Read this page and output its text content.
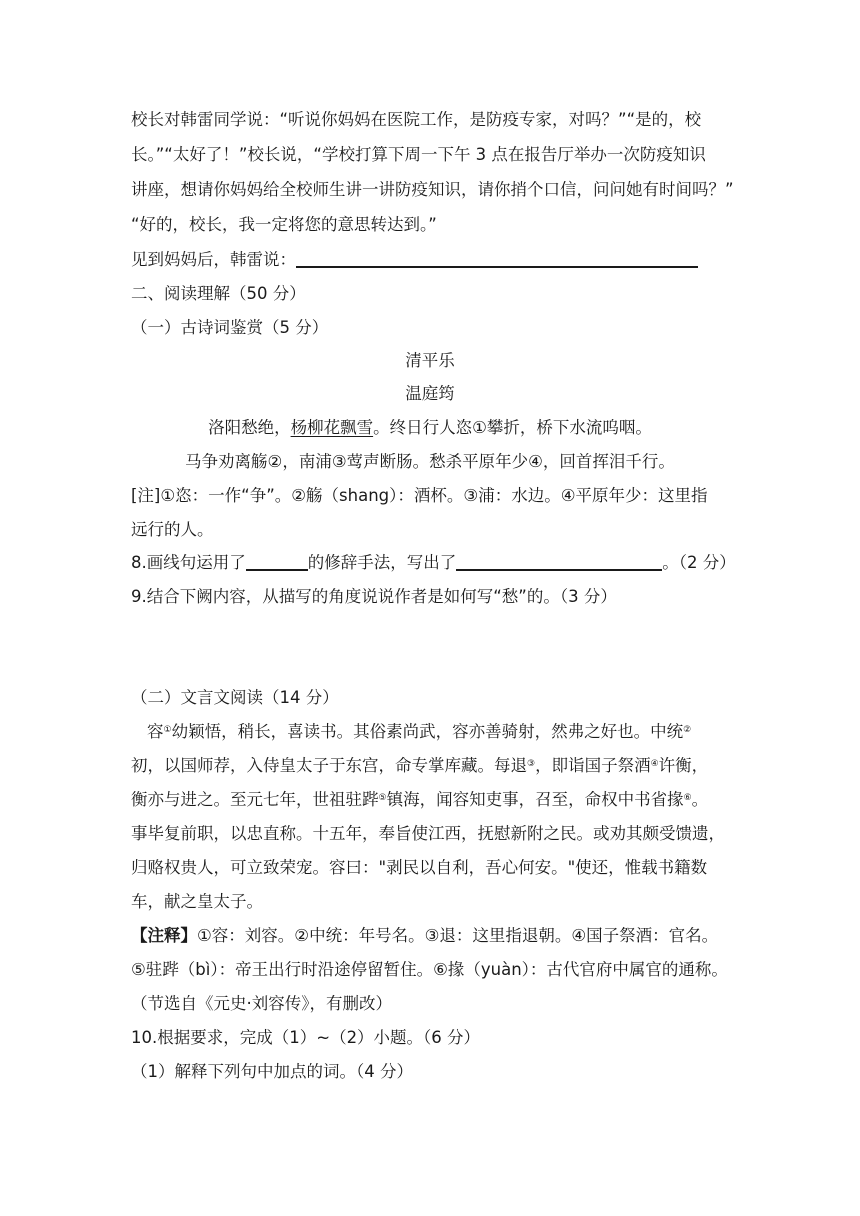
校长对韩雷同学说：“听说你妈妈在医院工作，是防疫专家，对吗？”“是的，校
长。”“太好了！”校长说，“学校打算下周一下午 3 点在报告厅举办一次防疫知识
讲座，想请你妈妈给全校师生讲一讲防疫知识，请你捎个口信，问问她有时间吗？”
“好的，校长，我一定将您的意思转达到。”
见到妈妈后，韩雷说：
二、阅读理解（50 分）
（一）古诗词鉴赏（5 分）
清平乐
温庭筠
洛阳愁绝，杨柳花飘雪。终日行人恣①攀折，桥下水流呜咽。
马争劝离觞②，南浦③莺声断肠。愁杀平原年少④，回首挥泪千行。
[注]①恣：一作“争”。②觞（shang）：酒杯。③浦：水边。④平原年少：这里指
远行的人。
8.画线句运用了	的修辞手法，写出了	。（2 分）
9.结合下阙内容，从描写的角度说说作者是如何写“愁”的。（3 分）
（二）文言文阅读（14 分）
容①幼颖悟，稍长，喜读书。其俗素尚武，容亦善骑射，然弗之好也。中统②
初，以国师荐，入侍皇太子于东宫，命专掌库藏。每退③，即诣国子祭酒④许衡，
衡亦与进之。至元七年，世祖驻跸⑤镇海，闻容知吏事，召至，命权中书省掾⑥。
事毕复前职，以忠直称。十五年，奉旨使江西，抚慰新附之民。或劝其颇受馈遗，
归赂权贵人，可立致荣宠。容曰："剥民以自利，吾心何安。"使还，惟载书籍数
车，献之皇太子。
【注释】①容：刘容。②中统：年号名。③退：这里指退朝。④国子祭酒：官名。
⑤驻跸（bì）：帝王出行时沿途停留暂住。⑥掾（yuàn）：古代官府中属官的通称。
（节选自《元史·刘容传》，有删改）
10.根据要求，完成（1）~（2）小题。（6 分）
（1）解释下列句中加点的词。（4 分）
